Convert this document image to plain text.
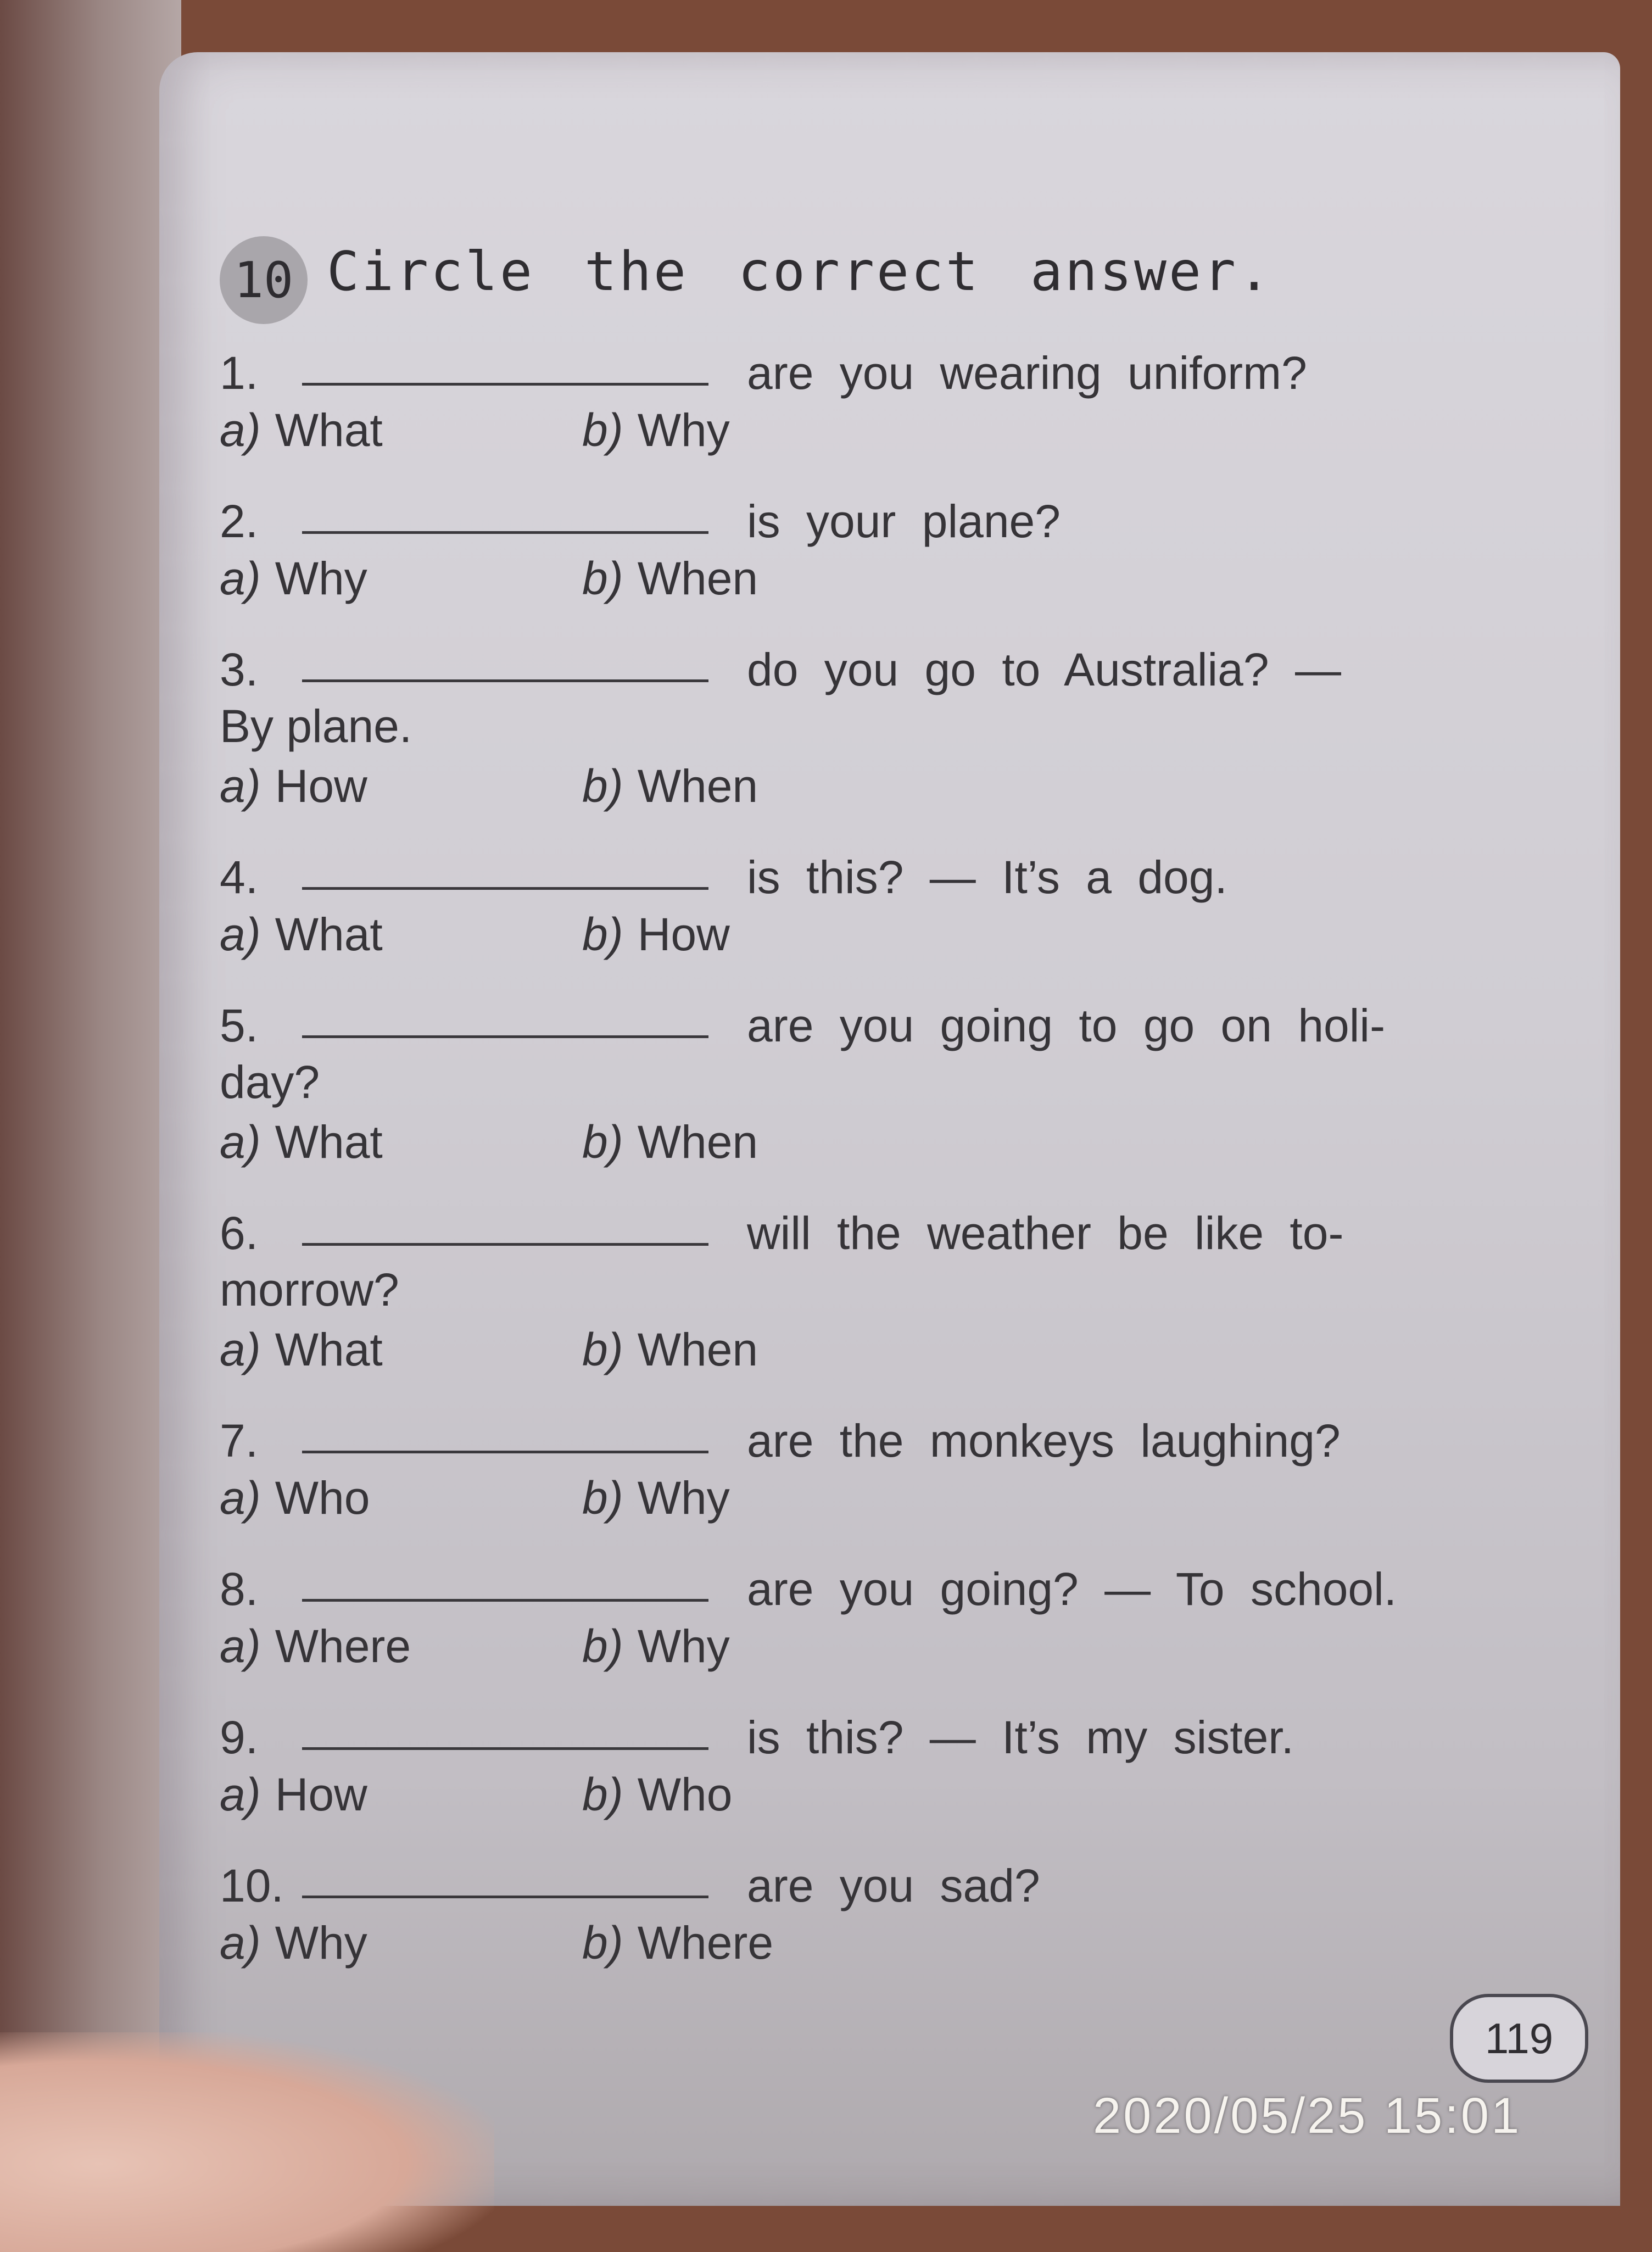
10 Circle the correct answer.
1.	are you wearing uniform?
a) What	b) Why
2.	is your plane?
a) Why	b) When
3.	do you go to Australia? —
By plane.
a) How	b) When
4.	is this? — It’s a dog.
a) What	b) How
5.	are you going to go on holi-
day?
a) What	b) When
6.	will the weather be like to-
morrow?
a) What	b) When
7.	are the monkeys laughing?
a) Who	b) Why
8.	are you going? — To school.
a) Where	b) Why
9.	is this? — It’s my sister.
a) How	b) Who
10.	are you sad?
a) Why	b) Where
119
2020/05/25 15:01
